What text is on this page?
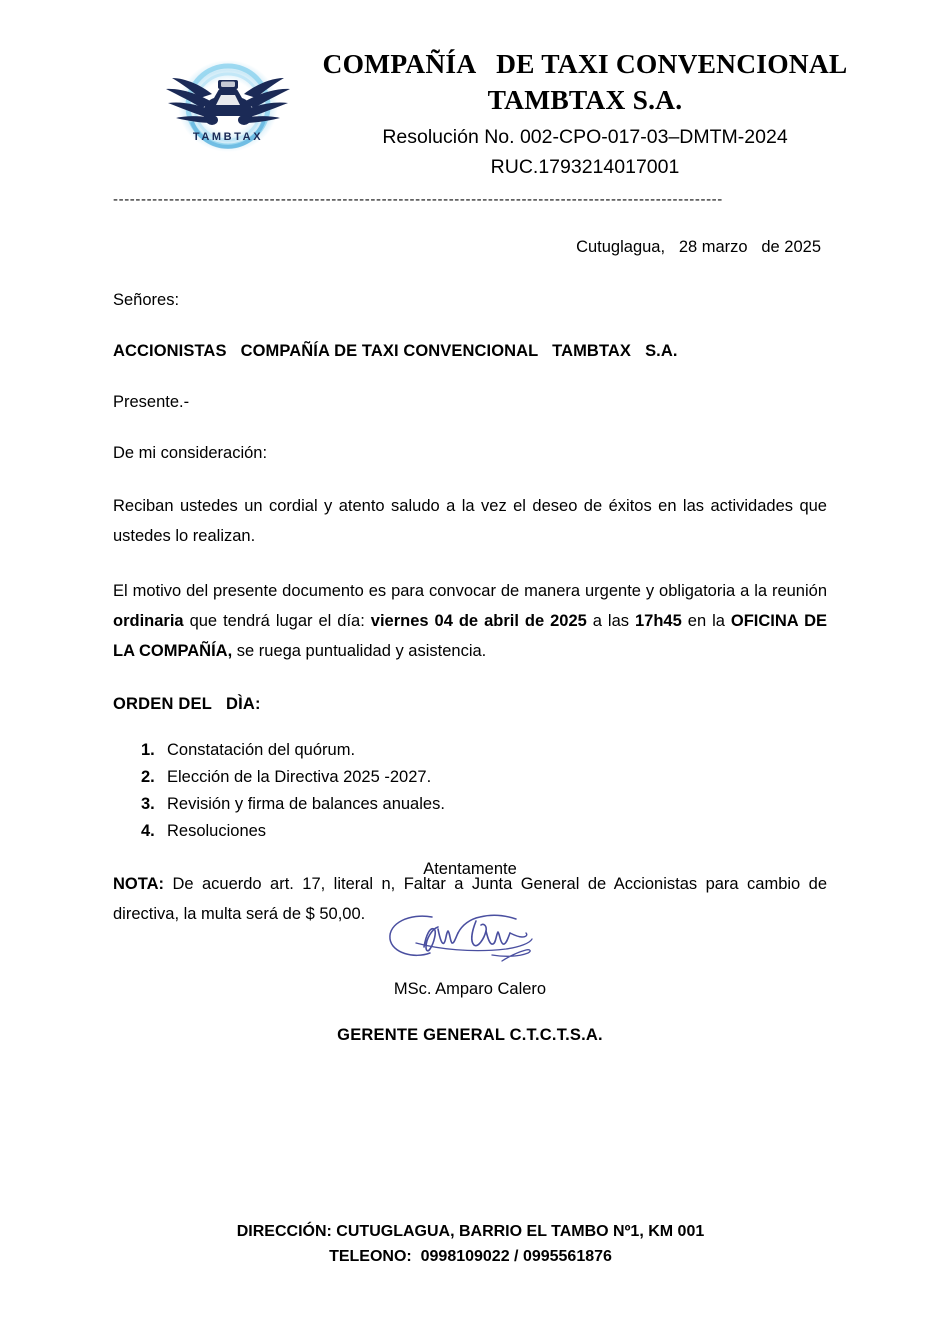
TAMBTAX
COMPAÑÍA   DE TAXI CONVENCIONAL
TAMBTAX S.A.
Resolución No. 002-CPO-017-03–DMTM-2024
RUC.1793214017001
-------------------------------------------------------------------------------------------------------------
Cutuglagua,   28 marzo   de 2025
Señores:
ACCIONISTAS   COMPAÑÍA DE TAXI CONVENCIONAL   TAMBTAX   S.A.
Presente.-
De mi consideración:
Reciban ustedes un cordial y atento saludo a la vez el deseo de éxitos en las actividades que ustedes lo realizan.
El motivo del presente documento es para convocar de manera urgente y obligatoria a la reunión ordinaria que tendrá lugar el día: viernes 04 de abril de 2025 a las 17h45 en la OFICINA DE LA COMPAÑÍA, se ruega puntualidad y asistencia.
ORDEN DEL   DÌA:
1. Constatación del quórum.
2. Elección de la Directiva 2025 -2027.
3. Revisión y firma de balances anuales.
4. Resoluciones
NOTA: De acuerdo art. 17, literal n, Faltar a Junta General de Accionistas para cambio de directiva, la multa será de $ 50,00.
Atentamente
MSc. Amparo Calero
GERENTE GENERAL C.T.C.T.S.A.
DIRECCIÓN: CUTUGLAGUA, BARRIO EL TAMBO Nº1, KM 001
TELEONO:  0998109022 / 0995561876
